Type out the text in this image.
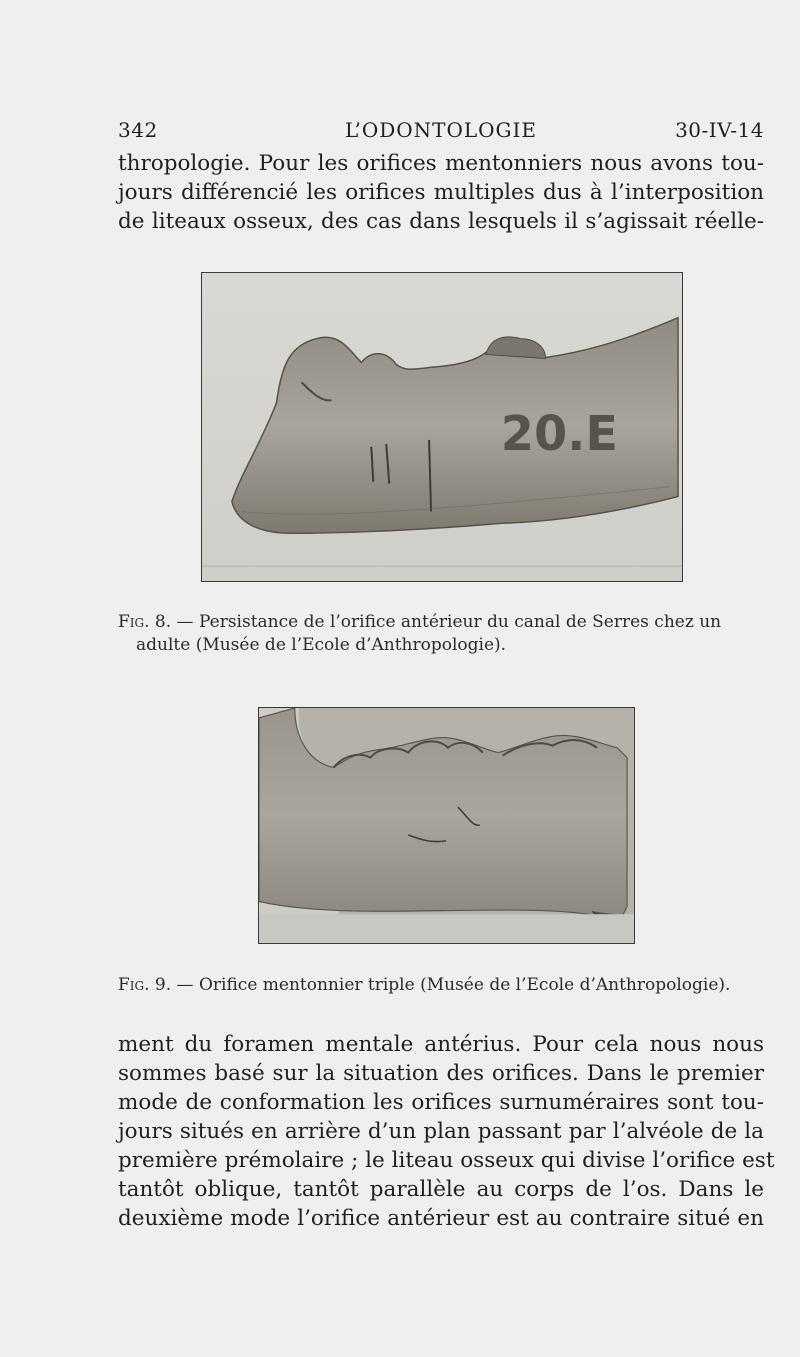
342	L’ODONTOLOGIE	30-IV-14
thropologie. Pour les orifices mentonniers nous avons tou-
jours différencié les orifices multiples dus à l’interposition
de liteaux osseux, des cas dans lesquels il s’agissait réelle-
20.E
Fig. 8. — Persistance de l’orifice antérieur du canal de Serres chez un
adulte (Musée de l’Ecole d’Anthropologie).
Fig. 9. — Orifice mentonnier triple (Musée de l’Ecole d’Anthropologie).
ment du foramen mentale antérius. Pour cela nous nous
sommes basé sur la situation des orifices. Dans le premier
mode de conformation les orifices surnuméraires sont tou-
jours situés en arrière d’un plan passant par l’alvéole de la
première prémolaire ; le liteau osseux qui divise l’orifice est
tantôt oblique, tantôt parallèle au corps de l’os. Dans le
deuxième mode l’orifice antérieur est au contraire situé en
